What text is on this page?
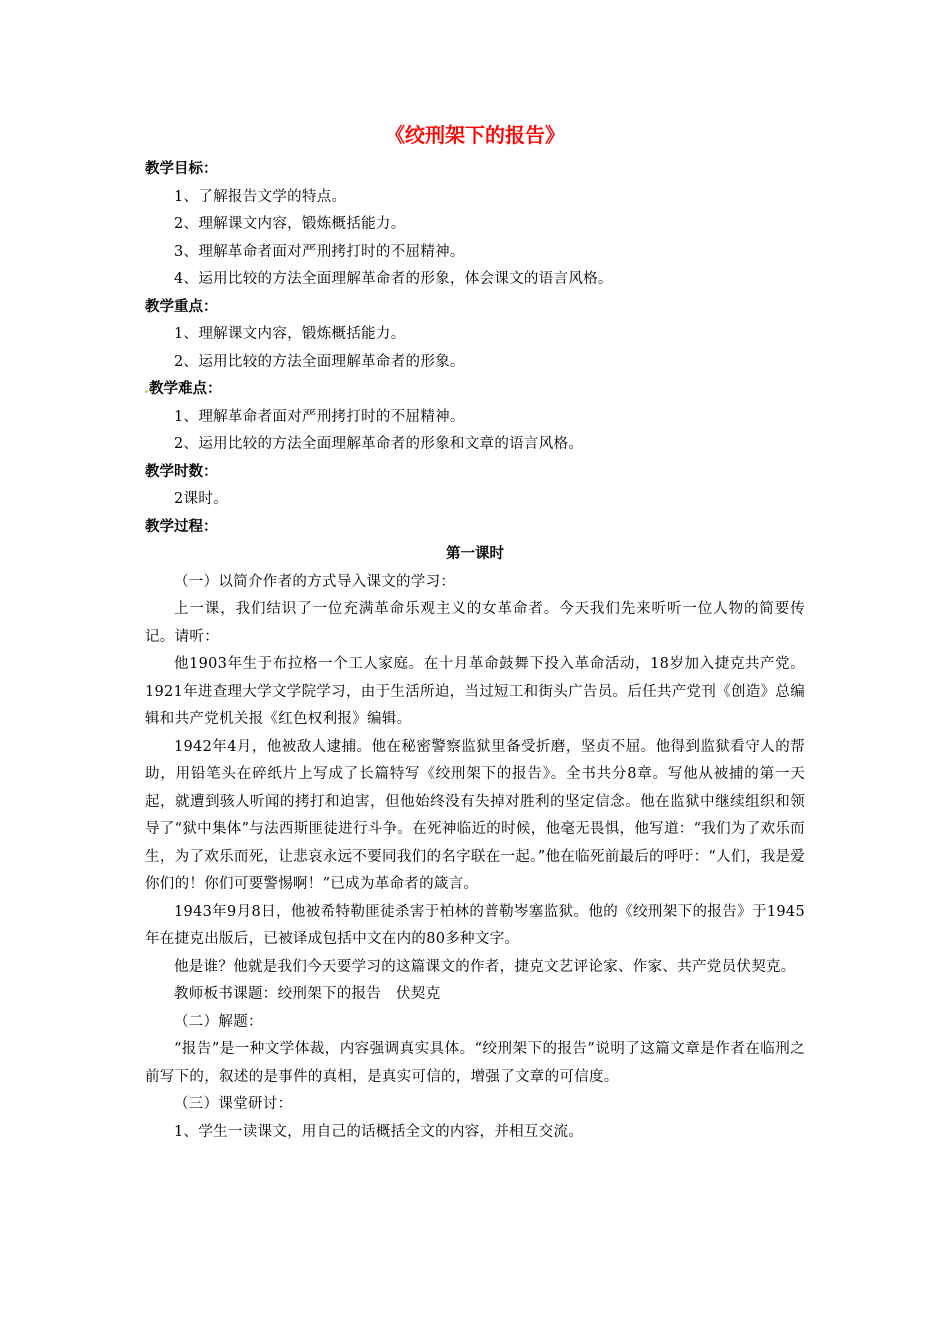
《绞刑架下的报告》
教学目标：
1、了解报告文学的特点。
2、理解课文内容，锻炼概括能力。
3、理解革命者面对严刑拷打时的不屈精神。
4、运用比较的方法全面理解革命者的形象，体会课文的语言风格。
教学重点：
1、理解课文内容，锻炼概括能力。
2、运用比较的方法全面理解革命者的形象。
教学难点：
1、理解革命者面对严刑拷打时的不屈精神。
2、运用比较的方法全面理解革命者的形象和文章的语言风格。
教学时数：
2课时。
教学过程：
第一课时
（一）以简介作者的方式导入课文的学习：
上一课，我们结识了一位充满革命乐观主义的女革命者。今天我们先来听听一位人物的简要传记。请听：
他1903年生于布拉格一个工人家庭。在十月革命鼓舞下投入革命活动，18岁加入捷克共产党。1921年进查理大学文学院学习，由于生活所迫，当过短工和街头广告员。后任共产党刊《创造》总编辑和共产党机关报《红色权利报》编辑。
1942年4月，他被敌人逮捕。他在秘密警察监狱里备受折磨，坚贞不屈。他得到监狱看守人的帮助，用铅笔头在碎纸片上写成了长篇特写《绞刑架下的报告》。全书共分8章。写他从被捕的第一天起，就遭到骇人听闻的拷打和迫害，但他始终没有失掉对胜利的坚定信念。他在监狱中继续组织和领导了“狱中集体”与法西斯匪徒进行斗争。在死神临近的时候，他毫无畏惧，他写道：“我们为了欢乐而生，为了欢乐而死，让悲哀永远不要同我们的名字联在一起。”他在临死前最后的呼吁：“人们，我是爱你们的！你们可要警惕啊！”已成为革命者的箴言。
1943年9月8日，他被希特勒匪徒杀害于柏林的普勒岑塞监狱。他的《绞刑架下的报告》于1945年在捷克出版后，已被译成包括中文在内的80多种文字。
他是谁？他就是我们今天要学习的这篇课文的作者，捷克文艺评论家、作家、共产党员伏契克。
教师板书课题：绞刑架下的报告　伏契克
（二）解题：
“报告”是一种文学体裁，内容强调真实具体。“绞刑架下的报告”说明了这篇文章是作者在临刑之前写下的，叙述的是事件的真相，是真实可信的，增强了文章的可信度。
（三）课堂研讨：
1、学生一读课文，用自己的话概括全文的内容，并相互交流。
